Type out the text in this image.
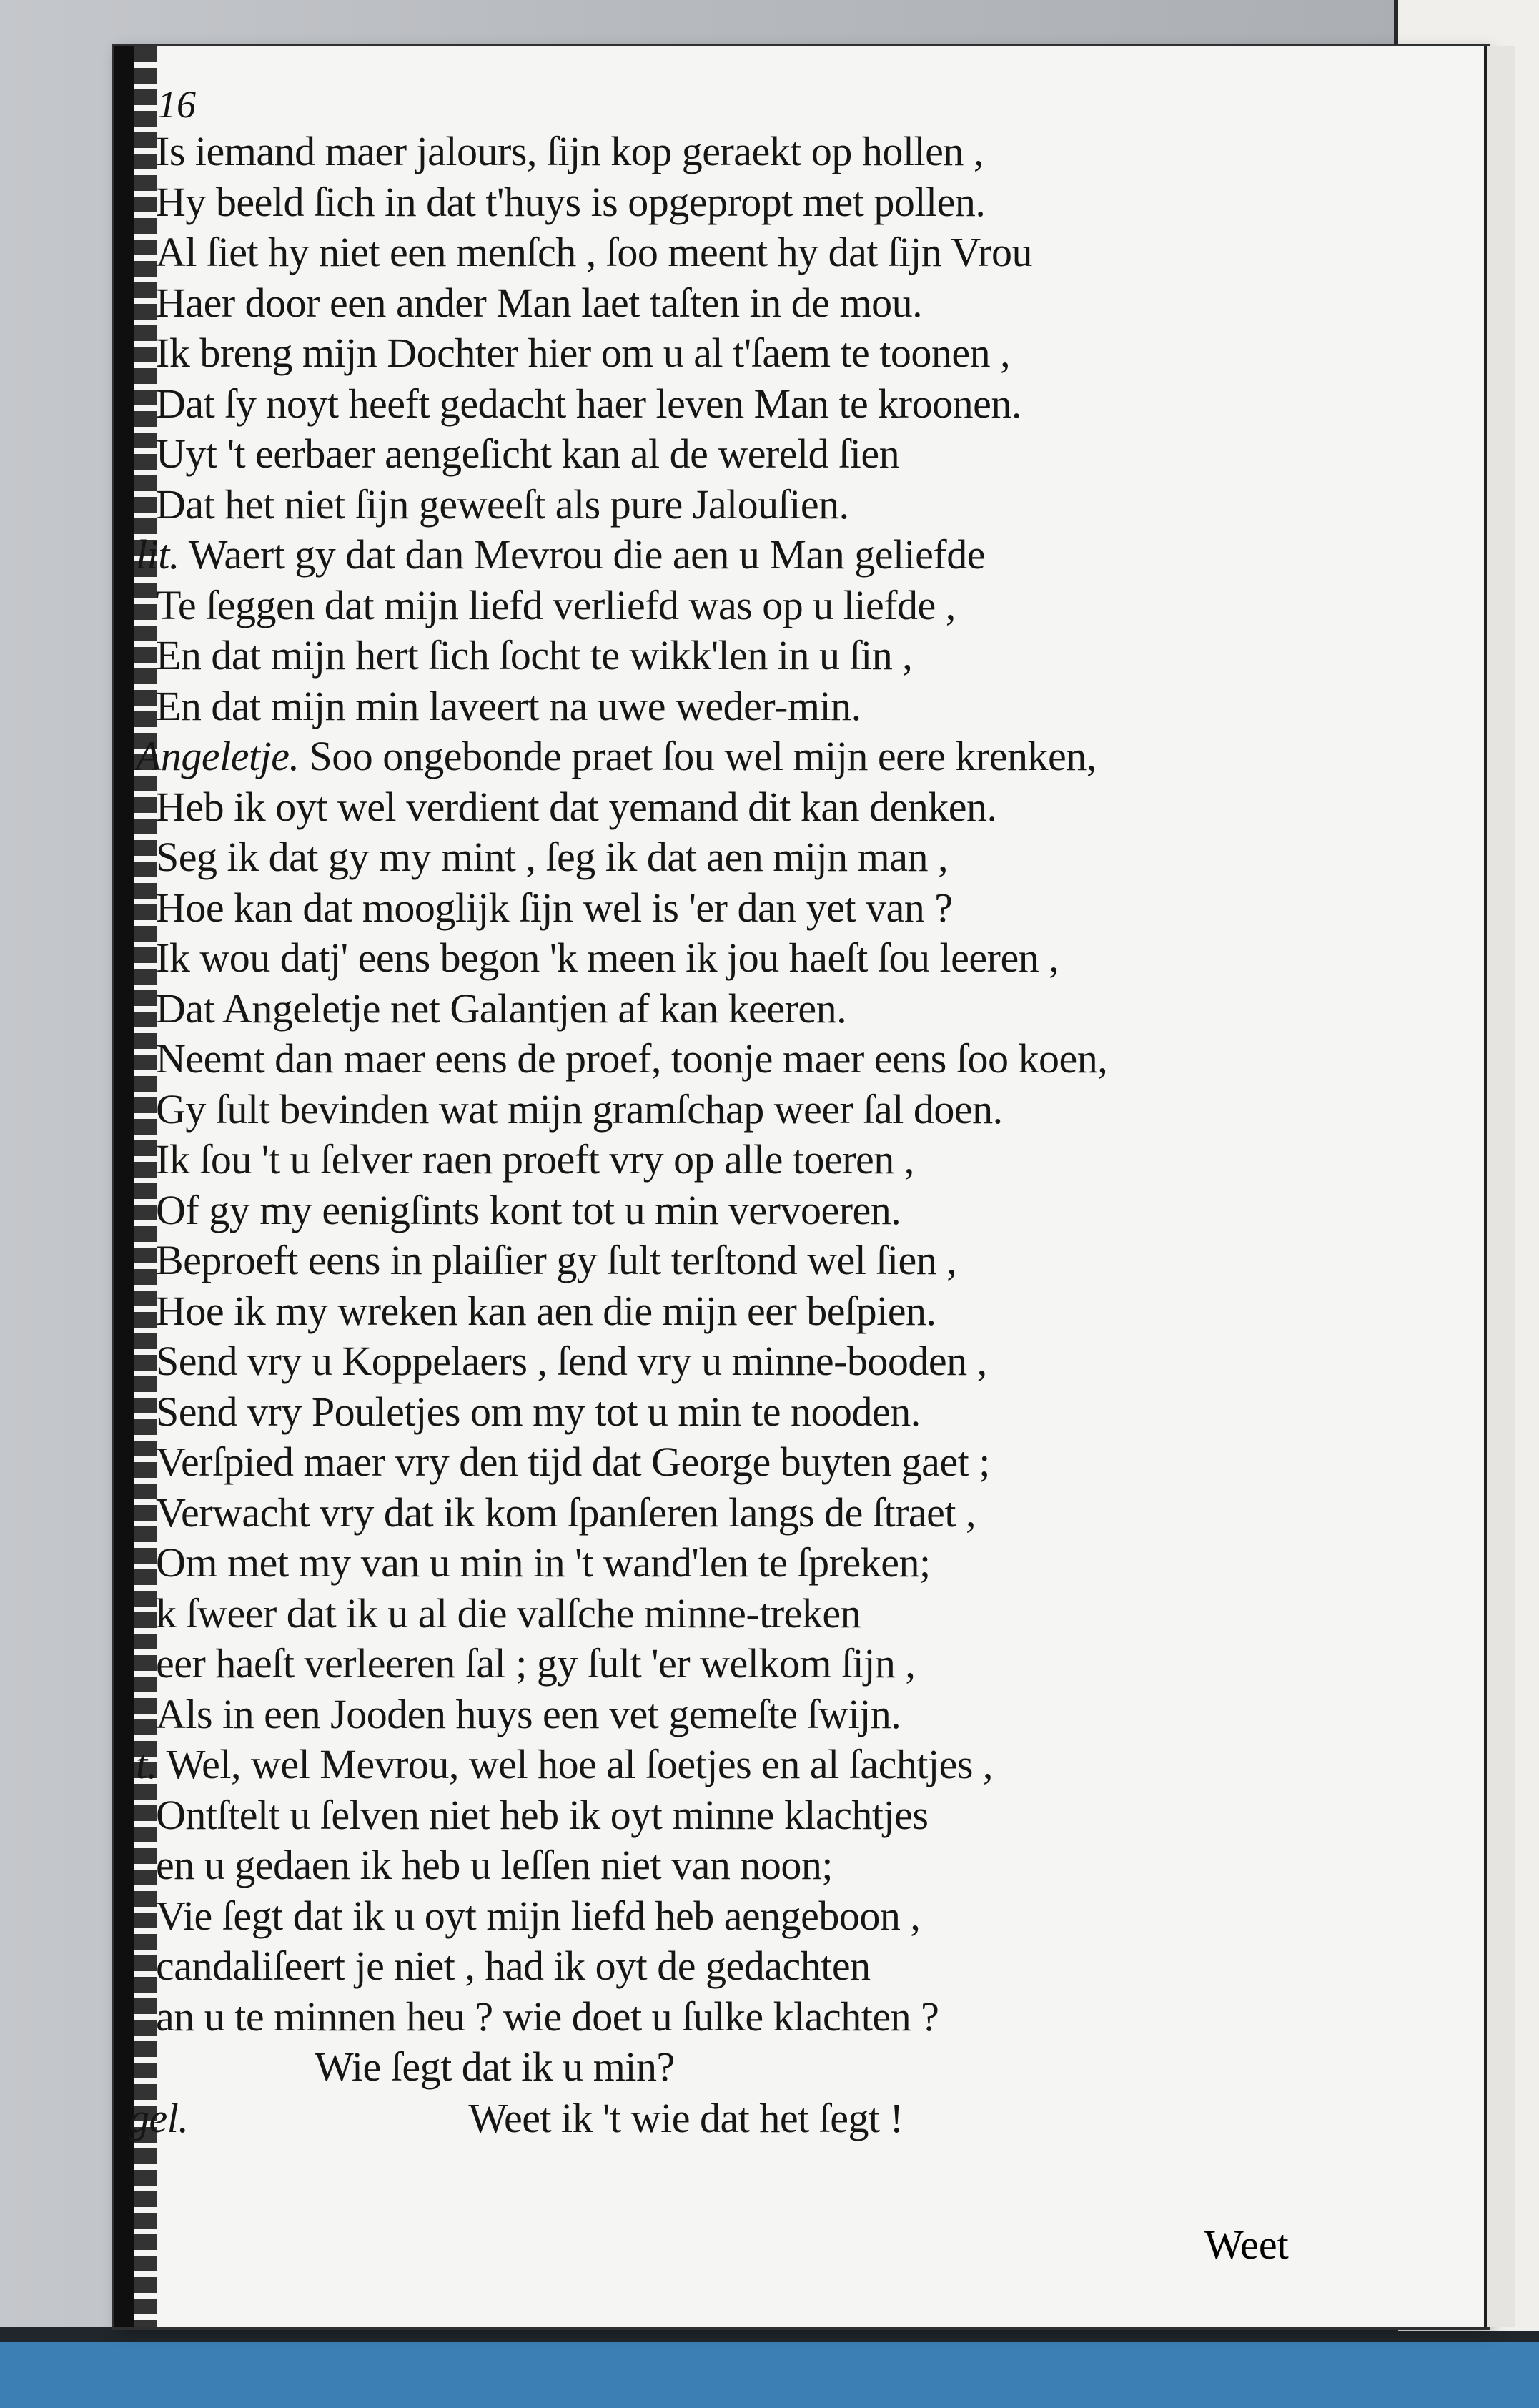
16
Is iemand maer jalours, ſijn kop geraekt op hollen ,
Hy beeld ſich in dat t'huys is opgepropt met pollen.
Al ſiet hy niet een menſch , ſoo meent hy dat ſijn Vrou
Haer door een ander Man laet taſten in de mou.
Ik breng mijn Dochter hier om u al t'ſaem te toonen ,
Dat ſy noyt heeft gedacht haer leven Man te kroonen.
Uyt 't eerbaer aengeſicht kan al de wereld ſien
Dat het niet ſijn geweeſt als pure Jalouſien.
lit. Waert gy dat dan Mevrou die aen u Man geliefde
Te ſeggen dat mijn liefd verliefd was op u liefde ,
En dat mijn hert ſich ſocht te wikk'len in u ſin ,
En dat mijn min laveert na uwe weder-min.
Angeletje. Soo ongebonde praet ſou wel mijn eere krenken,
Heb ik oyt wel verdient dat yemand dit kan denken.
Seg ik dat gy my mint , ſeg ik dat aen mijn man ,
Hoe kan dat mooglijk ſijn wel is 'er dan yet van ?
Ik wou datj' eens begon 'k meen ik jou haeſt ſou leeren ,
Dat Angeletje net Galantjen af kan keeren.
Neemt dan maer eens de proef, toonje maer eens ſoo koen,
Gy ſult bevinden wat mijn gramſchap weer ſal doen.
Ik ſou 't u ſelver raen proeft vry op alle toeren ,
Of gy my eenigſints kont tot u min vervoeren.
Beproeft eens in plaiſier gy ſult terſtond wel ſien ,
Hoe ik my wreken kan aen die mijn eer beſpien.
Send vry u Koppelaers , ſend vry u minne-booden ,
Send vry Pouletjes om my tot u min te nooden.
Verſpied maer vry den tijd dat George buyten gaet ;
Verwacht vry dat ik kom ſpanſeren langs de ſtraet ,
Om met my van u min in 't wand'len te ſpreken;
k ſweer dat ik u al die valſche minne-treken
eer haeſt verleeren ſal ; gy ſult 'er welkom ſijn ,
Als in een Jooden huys een vet gemeſte ſwijn.
t. Wel, wel Mevrou, wel hoe al ſoetjes en al ſachtjes ,
Ontſtelt u ſelven niet heb ik oyt minne klachtjes
en u gedaen ik heb u leſſen niet van noon;
Vie ſegt dat ik u oyt mijn liefd heb aengeboon ,
candaliſeert je niet , had ik oyt de gedachten
an u te minnen heu ? wie doet u ſulke klachten ?
Wie ſegt dat ik u min?
gel.	Weet ik 't wie dat het ſegt !
Weet
